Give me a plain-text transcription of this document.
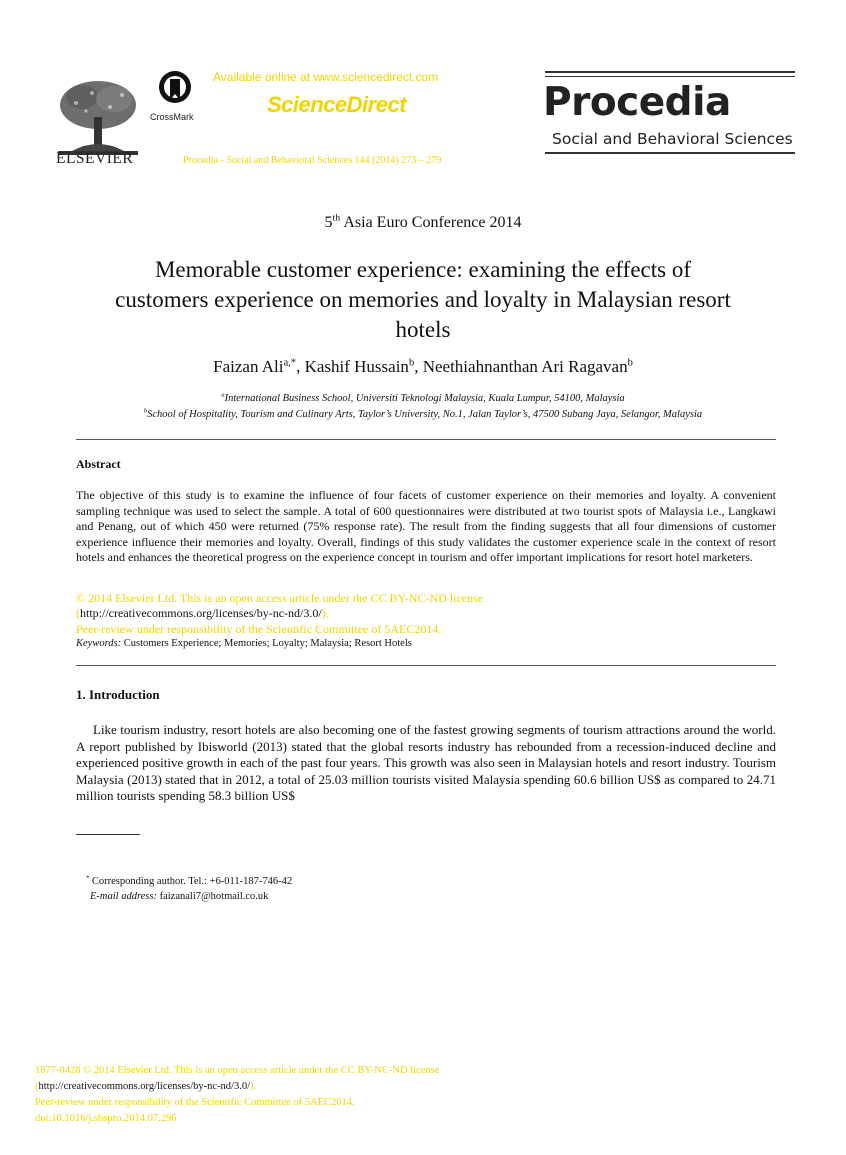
ELSEVIER
CrossMark
Available online at www.sciencedirect.com
ScienceDirect
Procedia - Social and Behavioral Sciences 144 (2014) 273 – 279
Procedia
Social and Behavioral Sciences
5th Asia Euro Conference 2014
Memorable customer experience: examining the effects of
customers experience on memories and loyalty in Malaysian resort
hotels
Faizan Ali$^{a,*}$, Kashif Hussain$^b$, Neethiahnanthan Ari Ragavan$^b$
$^a$International Business School, Universiti Teknologi Malaysia, Kuala Lumpur, 54100, Malaysia
$^b$School of Hospitality, Tourism and Culinary Arts, Taylor’s University, No.1, Jalan Taylor’s, 47500 Subang Jaya, Selangor, Malaysia
Abstract
The objective of this study is to examine the influence of four facets of customer experience on their memories and loyalty. A convenient sampling technique was used to select the sample. A total of 600 questionnaires were distributed at two tourist spots of Malaysia i.e., Langkawi and Penang, out of which 450 were returned (75% response rate). The result from the finding suggests that all four dimensions of customer experience influence their memories and loyalty. Overall, findings of this study validates the customer experience scale in the context of resort hotels and enhances the theoretical progress on the experience concept in tourism and offer important implications for resort hotel marketers.
© 2014 Elsevier Ltd. This is an open access article under the CC BY-NC-ND license
(http://creativecommons.org/licenses/by-nc-nd/3.0/).
Peer-review under responsibility of the Scientific Committee of 5AEC2014.
Keywords: Customers Experience; Memories; Loyalty; Malaysia; Resort Hotels
1. Introduction
Like tourism industry, resort hotels are also becoming one of the fastest growing segments of tourism attractions around the world. A report published by Ibisworld (2013) stated that the global resorts industry has rebounded from a recession-induced decline and experienced positive growth in each of the past four years. This growth was also seen in Malaysian hotels and resort industry. Tourism Malaysia (2013) stated that in 2012, a total of 25.03 million tourists visited Malaysia spending 60.6 billion US$ as compared to 24.71 million tourists spending 58.3 billion US$
* Corresponding author. Tel.: +6-011-187-746-42
E-mail address: faizanali7@hotmail.co.uk
1877-0428 © 2014 Elsevier Ltd. This is an open access article under the CC BY-NC-ND license
(http://creativecommons.org/licenses/by-nc-nd/3.0/).
Peer-review under responsibility of the Scientific Committee of 5AEC2014.
doi:10.1016/j.sbspro.2014.07.296
